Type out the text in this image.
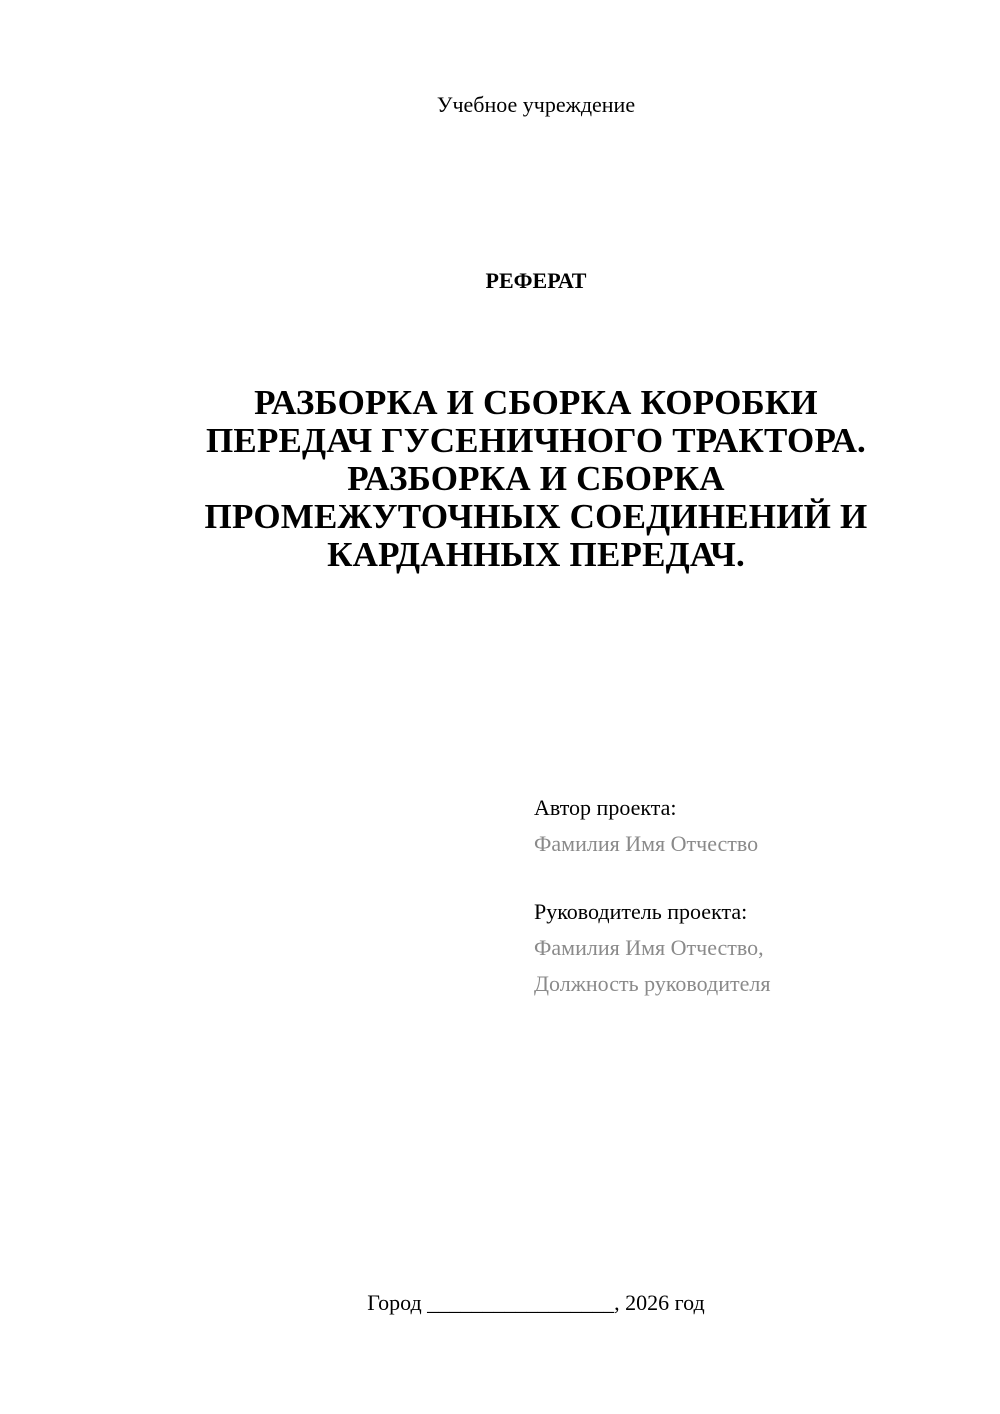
Учебное учреждение
РЕФЕРАТ
РАЗБОРКА И СБОРКА КОРОБКИ
ПЕРЕДАЧ ГУСЕНИЧНОГО ТРАКТОРА.
РАЗБОРКА И СБОРКА
ПРОМЕЖУТОЧНЫХ СОЕДИНЕНИЙ И
КАРДАННЫХ ПЕРЕДАЧ.
Автор проекта:
Фамилия Имя Отчество
Руководитель проекта:
Фамилия Имя Отчество,
Должность руководителя
Город _________________, 2026 год
